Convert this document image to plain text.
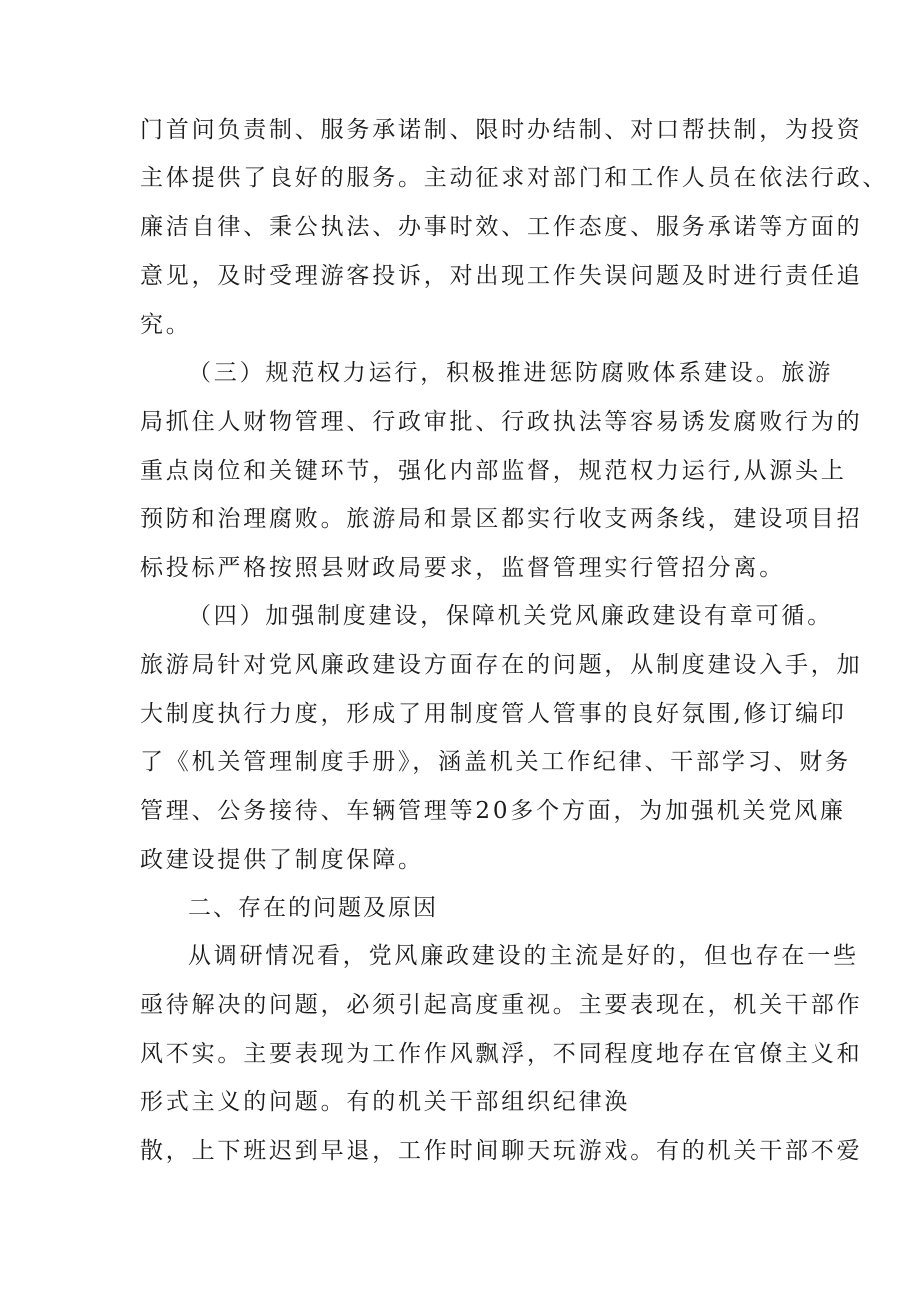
门首问负责制、服务承诺制、限时办结制、对口帮扶制，为投资
主体提供了良好的服务。主动征求对部门和工作人员在依法行政、
廉洁自律、秉公执法、办事时效、工作态度、服务承诺等方面的
意见，及时受理游客投诉，对出现工作失误问题及时进行责任追
究。
（三）规范权力运行，积极推进惩防腐败体系建设。旅游
局抓住人财物管理、行政审批、行政执法等容易诱发腐败行为的
重点岗位和关键环节，强化内部监督，规范权力运行,从源头上
预防和治理腐败。旅游局和景区都实行收支两条线，建设项目招
标投标严格按照县财政局要求，监督管理实行管招分离。
（四）加强制度建设，保障机关党风廉政建设有章可循。
旅游局针对党风廉政建设方面存在的问题，从制度建设入手，加
大制度执行力度，形成了用制度管人管事的良好氛围,修订编印
了《机关管理制度手册》，涵盖机关工作纪律、干部学习、财务
管理、公务接待、车辆管理等20多个方面，为加强机关党风廉
政建设提供了制度保障。
二、存在的问题及原因
从调研情况看，党风廉政建设的主流是好的，但也存在一些
亟待解决的问题，必须引起高度重视。主要表现在，机关干部作
风不实。主要表现为工作作风飘浮，不同程度地存在官僚主义和
形式主义的问题。有的机关干部组织纪律涣
散，上下班迟到早退，工作时间聊天玩游戏。有的机关干部不爱
